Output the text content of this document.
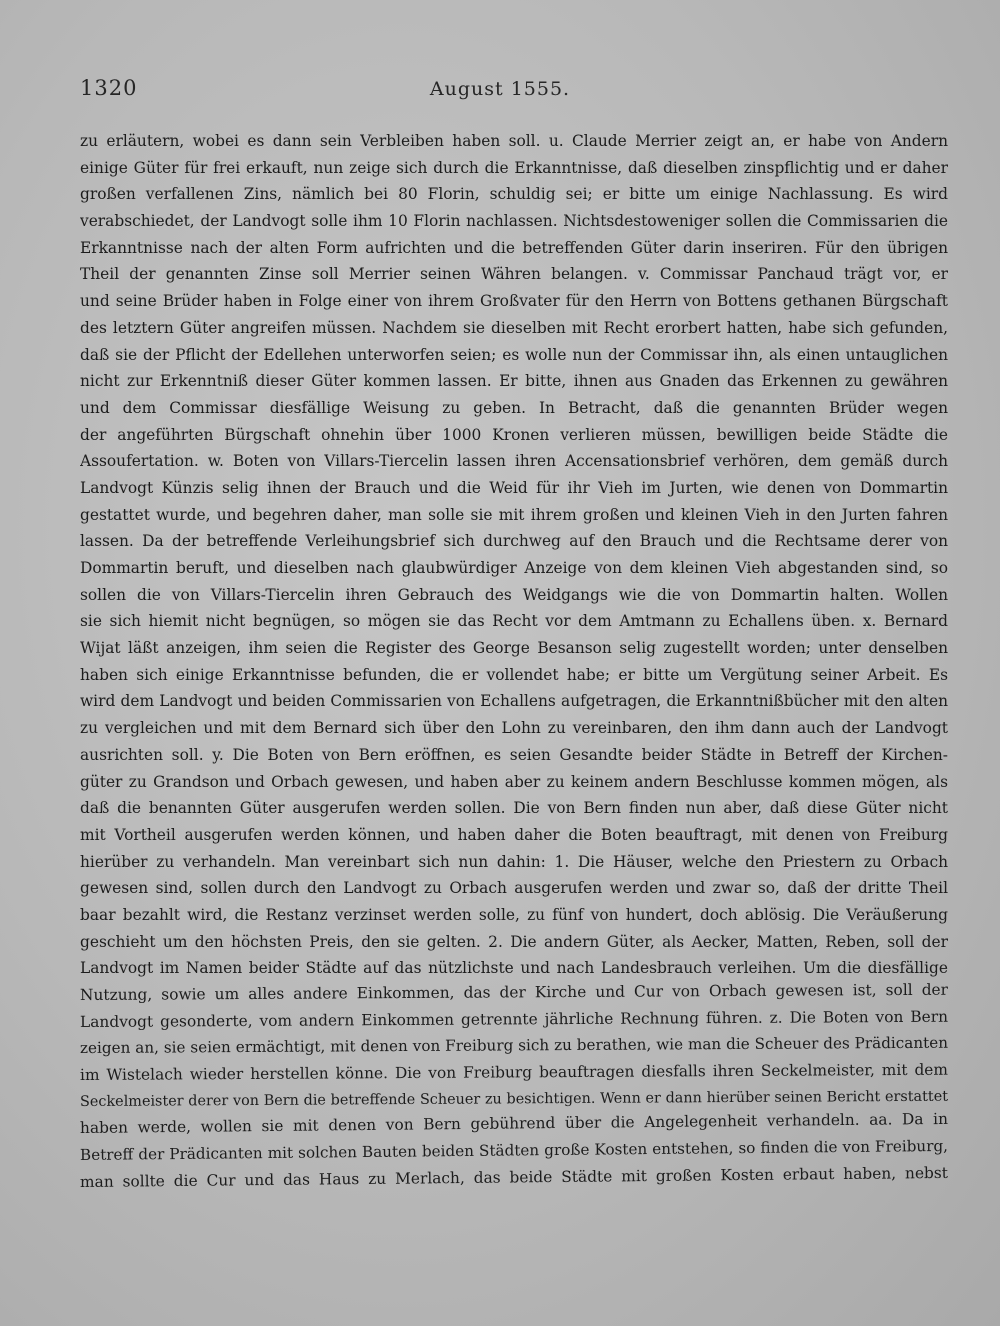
1320	August 1555.
zu erläutern, wobei es dann sein Verbleiben haben soll. u. Claude Merrier zeigt an, er habe von Andern
einige Güter für frei erkauft, nun zeige sich durch die Erkanntnisse, daß dieselben zinspflichtig und er daher
großen verfallenen Zins, nämlich bei 80 Florin, schuldig sei; er bitte um einige Nachlassung. Es wird
verabschiedet, der Landvogt solle ihm 10 Florin nachlassen. Nichtsdestoweniger sollen die Commissarien die
Erkanntnisse nach der alten Form aufrichten und die betreffenden Güter darin inseriren. Für den übrigen
Theil der genannten Zinse soll Merrier seinen Währen belangen. v. Commissar Panchaud trägt vor, er
und seine Brüder haben in Folge einer von ihrem Großvater für den Herrn von Bottens gethanen Bürgschaft
des letztern Güter angreifen müssen. Nachdem sie dieselben mit Recht erorbert hatten, habe sich gefunden,
daß sie der Pflicht der Edellehen unterworfen seien; es wolle nun der Commissar ihn, als einen untauglichen
nicht zur Erkenntniß dieser Güter kommen lassen. Er bitte, ihnen aus Gnaden das Erkennen zu gewähren
und dem Commissar diesfällige Weisung zu geben. In Betracht, daß die genannten Brüder wegen
der angeführten Bürgschaft ohnehin über 1000 Kronen verlieren müssen, bewilligen beide Städte die
Assoufertation. w. Boten von Villars-Tiercelin lassen ihren Accensationsbrief verhören, dem gemäß durch
Landvogt Künzis selig ihnen der Brauch und die Weid für ihr Vieh im Jurten, wie denen von Dommartin
gestattet wurde, und begehren daher, man solle sie mit ihrem großen und kleinen Vieh in den Jurten fahren
lassen. Da der betreffende Verleihungsbrief sich durchweg auf den Brauch und die Rechtsame derer von
Dommartin beruft, und dieselben nach glaubwürdiger Anzeige von dem kleinen Vieh abgestanden sind, so
sollen die von Villars-Tiercelin ihren Gebrauch des Weidgangs wie die von Dommartin halten. Wollen
sie sich hiemit nicht begnügen, so mögen sie das Recht vor dem Amtmann zu Echallens üben. x. Bernard
Wijat läßt anzeigen, ihm seien die Register des George Besanson selig zugestellt worden; unter denselben
haben sich einige Erkanntnisse befunden, die er vollendet habe; er bitte um Vergütung seiner Arbeit. Es
wird dem Landvogt und beiden Commissarien von Echallens aufgetragen, die Erkanntnißbücher mit den alten
zu vergleichen und mit dem Bernard sich über den Lohn zu vereinbaren, den ihm dann auch der Landvogt
ausrichten soll. y. Die Boten von Bern eröffnen, es seien Gesandte beider Städte in Betreff der Kirchen-
güter zu Grandson und Orbach gewesen, und haben aber zu keinem andern Beschlusse kommen mögen, als
daß die benannten Güter ausgerufen werden sollen. Die von Bern finden nun aber, daß diese Güter nicht
mit Vortheil ausgerufen werden können, und haben daher die Boten beauftragt, mit denen von Freiburg
hierüber zu verhandeln. Man vereinbart sich nun dahin: 1. Die Häuser, welche den Priestern zu Orbach
gewesen sind, sollen durch den Landvogt zu Orbach ausgerufen werden und zwar so, daß der dritte Theil
baar bezahlt wird, die Restanz verzinset werden solle, zu fünf von hundert, doch ablösig. Die Veräußerung
geschieht um den höchsten Preis, den sie gelten. 2. Die andern Güter, als Aecker, Matten, Reben, soll der
Landvogt im Namen beider Städte auf das nützlichste und nach Landesbrauch verleihen. Um die diesfällige
Nutzung, sowie um alles andere Einkommen, das der Kirche und Cur von Orbach gewesen ist, soll der
Landvogt gesonderte, vom andern Einkommen getrennte jährliche Rechnung führen. z. Die Boten von Bern
zeigen an, sie seien ermächtigt, mit denen von Freiburg sich zu berathen, wie man die Scheuer des Prädicanten
im Wistelach wieder herstellen könne. Die von Freiburg beauftragen diesfalls ihren Seckelmeister, mit dem
Seckelmeister derer von Bern die betreffende Scheuer zu besichtigen. Wenn er dann hierüber seinen Bericht erstattet
haben werde, wollen sie mit denen von Bern gebührend über die Angelegenheit verhandeln. aa. Da in
Betreff der Prädicanten mit solchen Bauten beiden Städten große Kosten entstehen, so finden die von Freiburg,
man sollte die Cur und das Haus zu Merlach, das beide Städte mit großen Kosten erbaut haben, nebst
